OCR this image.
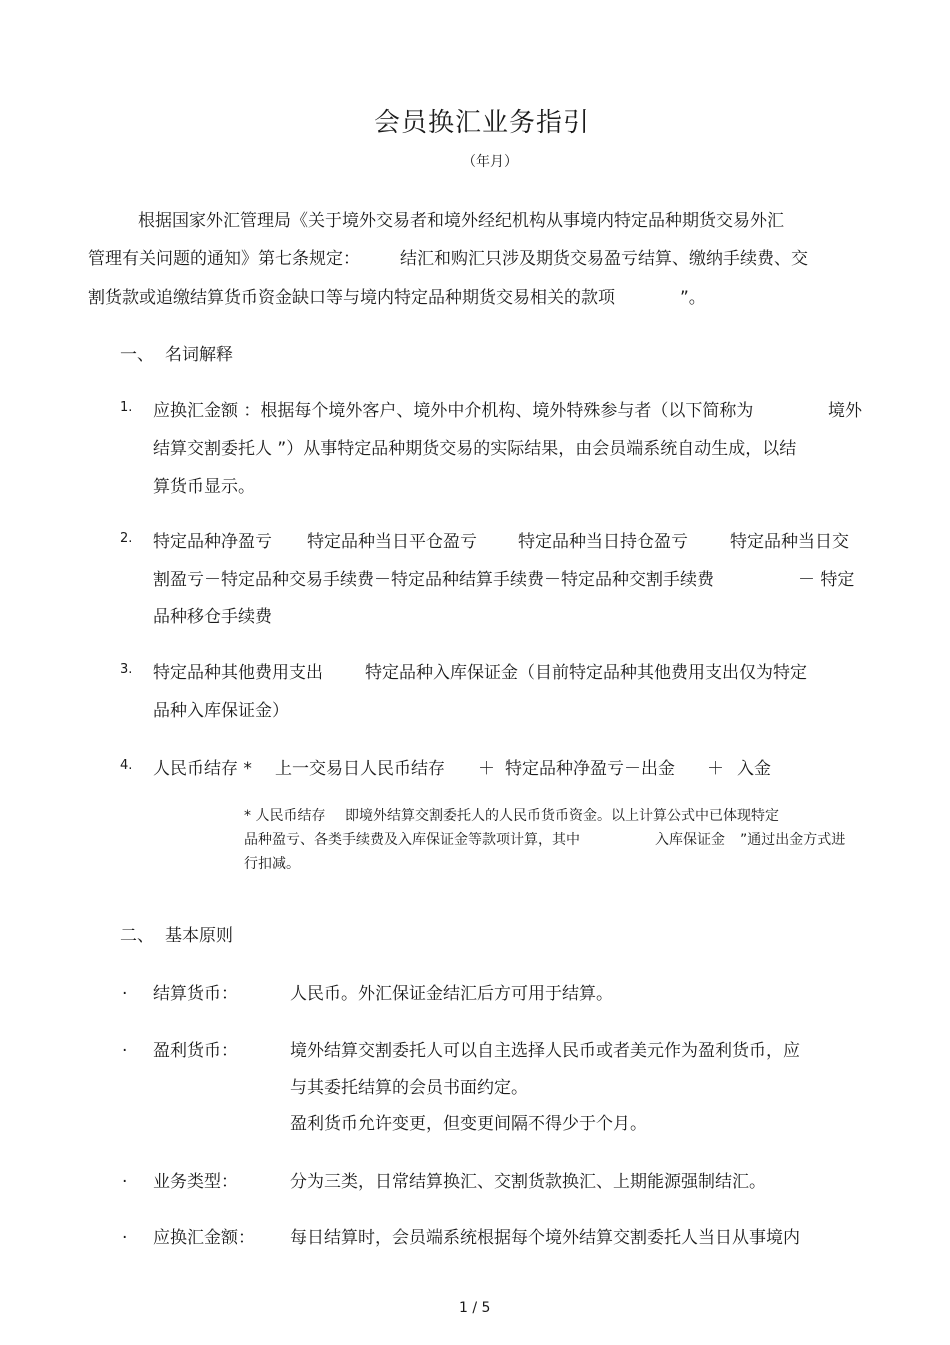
会员换汇业务指引
（年月）
根据国家外汇管理局《关于境外交易者和境外经纪机构从事境内特定品种期货交易外汇
管理有关问题的通知》第七条规定： 结汇和购汇只涉及期货交易盈亏结算、缴纳手续费、交
割货款或追缴结算货币资金缺口等与境内特定品种期货交易相关的款项	”。
一、 名词解释
1. 应换汇金额 ：根据每个境外客户、境外中介机构、境外特殊参与者（以下简称为	境外
结算交割委托人 ”）从事特定品种期货交易的实际结果，由会员端系统自动生成，以结
算货币显示。
2. 特定品种净盈亏 特定品种当日平仓盈亏 特定品种当日持仓盈亏 特定品种当日交
割盈亏－特定品种交易手续费－特定品种结算手续费－特定品种交割手续费	－ 特定
品种移仓手续费
3. 特定品种其他费用支出 特定品种入库保证金（目前特定品种其他费用支出仅为特定
品种入库保证金）
4. 人民币结存 * 上一交易日人民币结存 ＋ 特定品种净盈亏－出金 ＋ 入金
* 人民币结存 即境外结算交割委托人的人民币货币资金。以上计算公式中已体现特定
品种盈亏、各类手续费及入库保证金等款项计算，其中	入库保证金 ”通过出金方式进
行扣减。
二、 基本原则
. 结算货币：	人民币。外汇保证金结汇后方可用于结算。
. 盈利货币：	境外结算交割委托人可以自主选择人民币或者美元作为盈利货币，应
与其委托结算的会员书面约定。
盈利货币允许变更，但变更间隔不得少于个月。
. 业务类型：	分为三类，日常结算换汇、交割货款换汇、上期能源强制结汇。
. 应换汇金额： 每日结算时，会员端系统根据每个境外结算交割委托人当日从事境内
1 / 5
